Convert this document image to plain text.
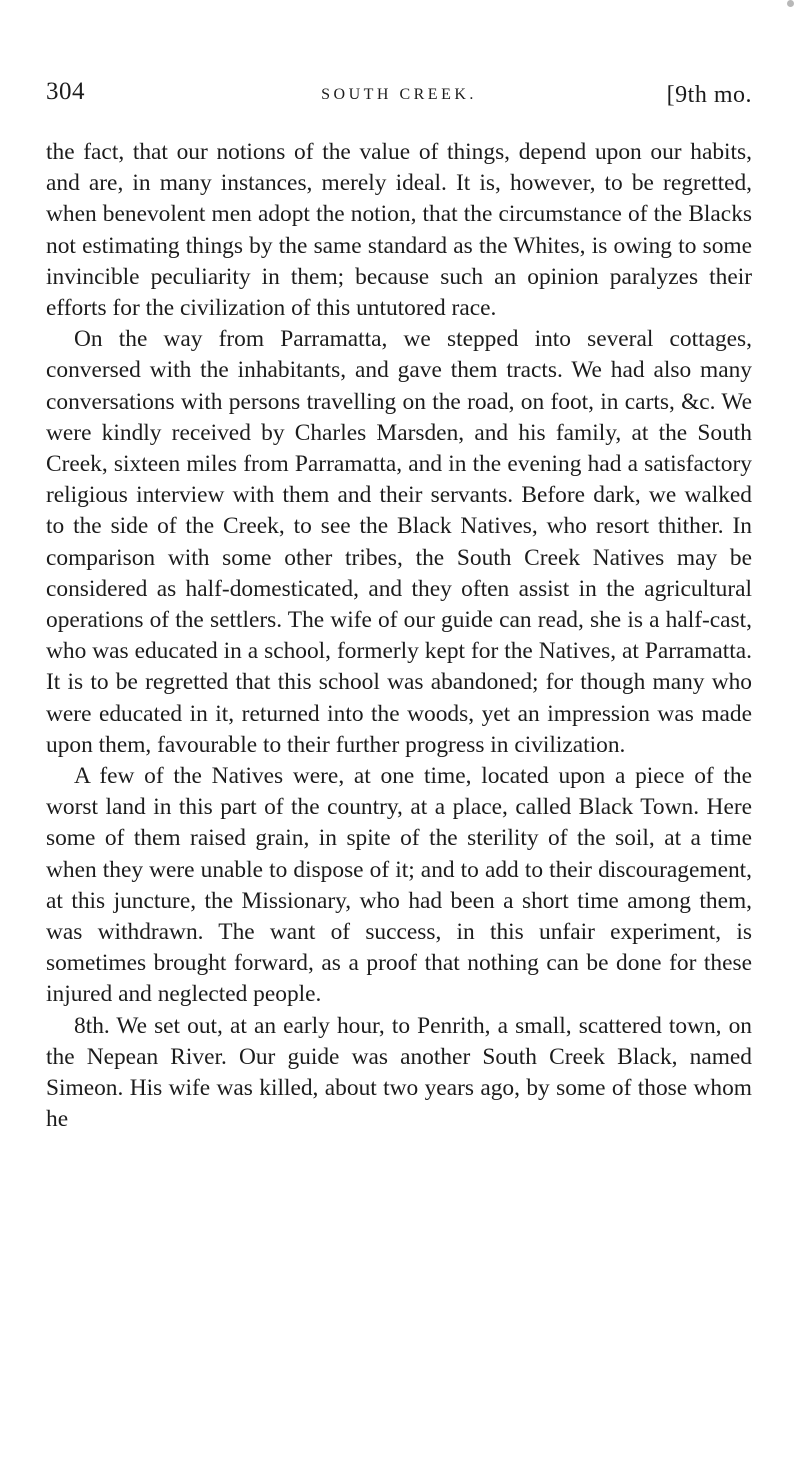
304	SOUTH CREEK.	[9th mo.

the fact, that our notions of the value of things, depend upon our habits, and are, in many instances, merely ideal. It is, however, to be regretted, when benevolent men adopt the notion, that the circumstance of the Blacks not estimating things by the same standard as the Whites, is owing to some invincible peculiarity in them; because such an opinion paralyzes their efforts for the civilization of this untutored race.

On the way from Parramatta, we stepped into several cottages, conversed with the inhabitants, and gave them tracts. We had also many conversations with persons travelling on the road, on foot, in carts, &c. We were kindly received by Charles Marsden, and his family, at the South Creek, sixteen miles from Parramatta, and in the evening had a satisfactory religious interview with them and their servants. Before dark, we walked to the side of the Creek, to see the Black Natives, who resort thither. In comparison with some other tribes, the South Creek Natives may be considered as half-domesticated, and they often assist in the agricultural operations of the settlers. The wife of our guide can read, she is a half-cast, who was educated in a school, formerly kept for the Natives, at Parramatta. It is to be regretted that this school was abandoned; for though many who were educated in it, returned into the woods, yet an impression was made upon them, favourable to their further progress in civilization.

A few of the Natives were, at one time, located upon a piece of the worst land in this part of the country, at a place, called Black Town. Here some of them raised grain, in spite of the sterility of the soil, at a time when they were unable to dispose of it; and to add to their discouragement, at this juncture, the Missionary, who had been a short time among them, was withdrawn. The want of success, in this unfair experiment, is sometimes brought forward, as a proof that nothing can be done for these injured and neglected people.

8th. We set out, at an early hour, to Penrith, a small, scattered town, on the Nepean River. Our guide was another South Creek Black, named Simeon. His wife was killed, about two years ago, by some of those whom he
